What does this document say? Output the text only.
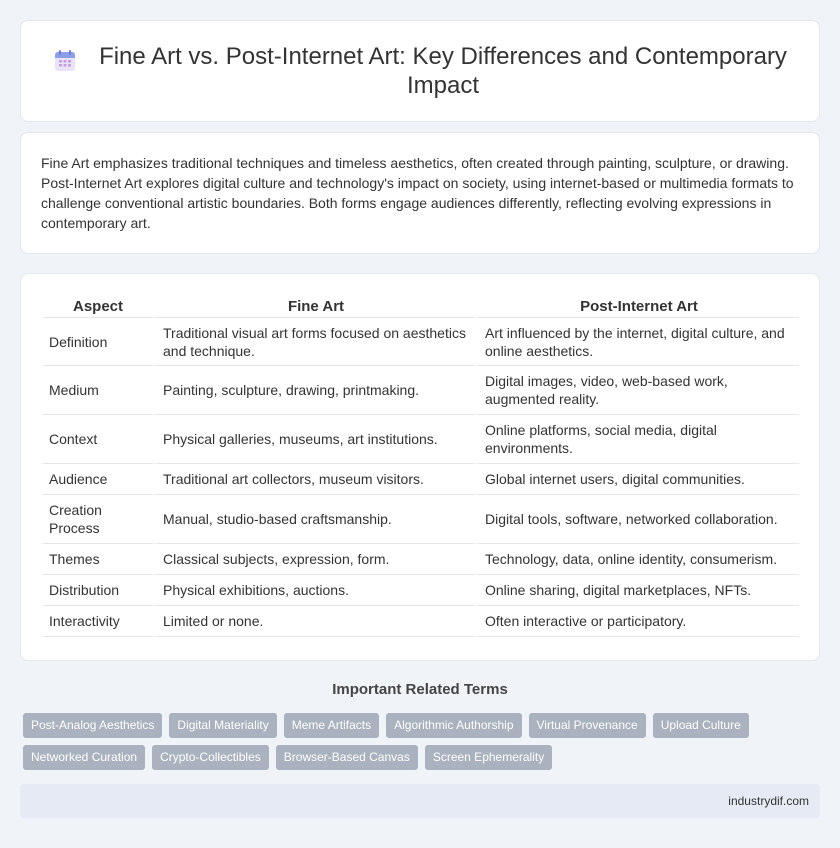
Fine Art vs. Post-Internet Art: Key Differences and Contemporary Impact

Fine Art emphasizes traditional techniques and timeless aesthetics, often created through painting, sculpture, or drawing. Post-Internet Art explores digital culture and technology's impact on society, using internet-based or multimedia formats to challenge conventional artistic boundaries. Both forms engage audiences differently, reflecting evolving expressions in contemporary art.

Aspect	Fine Art	Post-Internet Art
Definition	Traditional visual art forms focused on aesthetics and technique.	Art influenced by the internet, digital culture, and online aesthetics.
Medium	Painting, sculpture, drawing, printmaking.	Digital images, video, web-based work, augmented reality.
Context	Physical galleries, museums, art institutions.	Online platforms, social media, digital environments.
Audience	Traditional art collectors, museum visitors.	Global internet users, digital communities.
Creation Process	Manual, studio-based craftsmanship.	Digital tools, software, networked collaboration.
Themes	Classical subjects, expression, form.	Technology, data, online identity, consumerism.
Distribution	Physical exhibitions, auctions.	Online sharing, digital marketplaces, NFTs.
Interactivity	Limited or none.	Often interactive or participatory.
Important Related Terms
Post-Analog Aesthetics	Digital Materiality	Meme Artifacts	Algorithmic Authorship	Virtual Provenance	Upload Culture
Networked Curation	Crypto-Collectibles	Browser-Based Canvas	Screen Ephemerality
industrydif.com
